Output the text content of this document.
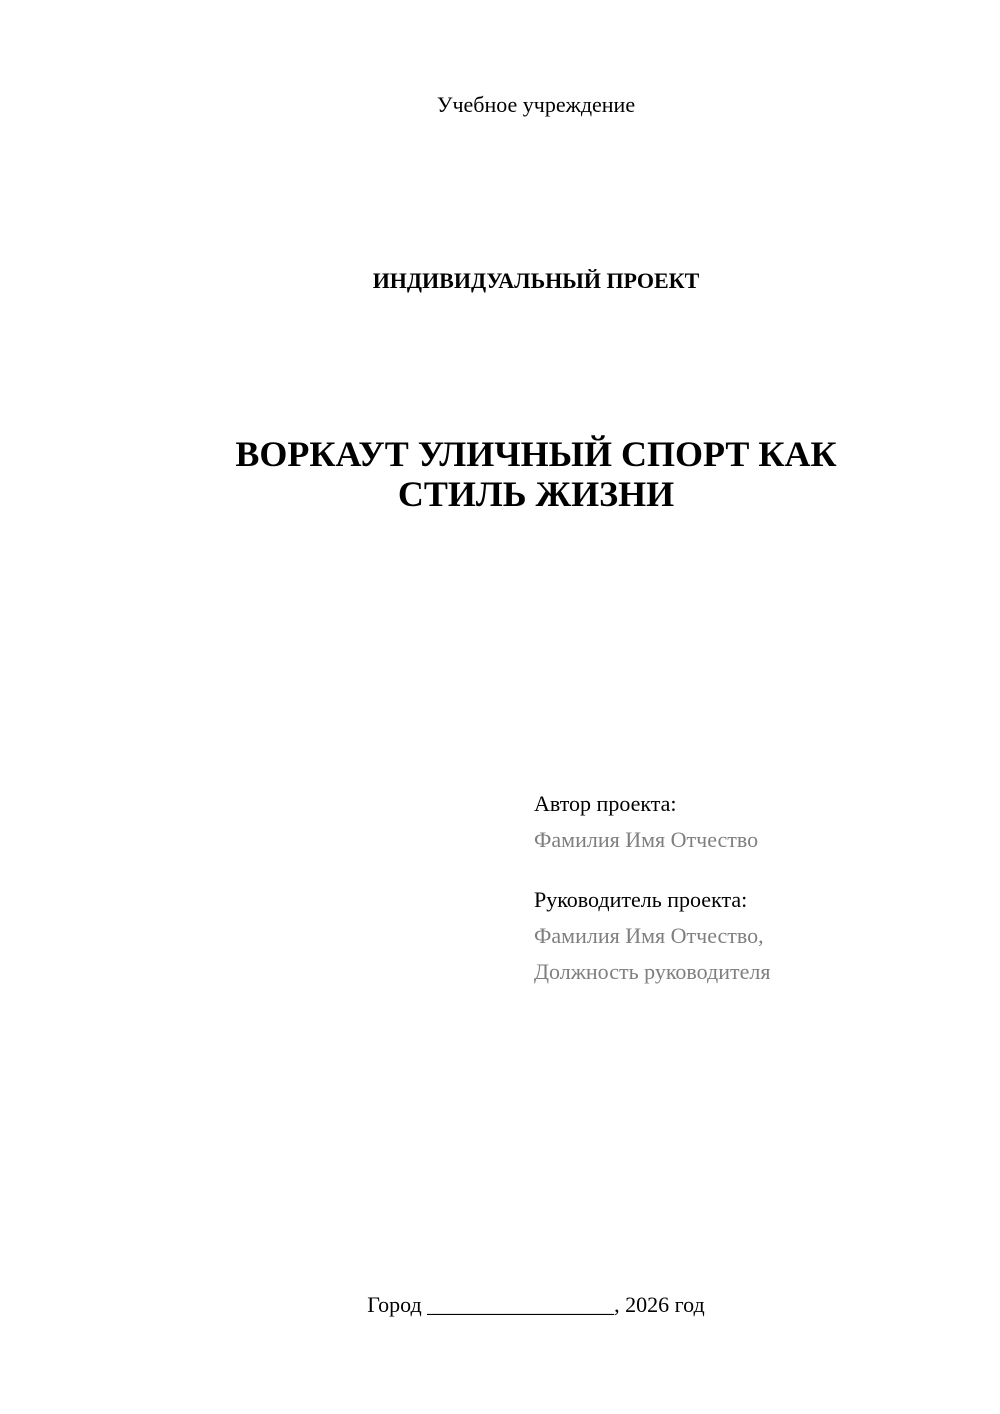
Учебное учреждение
ИНДИВИДУАЛЬНЫЙ ПРОЕКТ
ВОРКАУТ УЛИЧНЫЙ СПОРТ КАК
СТИЛЬ ЖИЗНИ
Автор проекта:
Фамилия Имя Отчество
Руководитель проекта:
Фамилия Имя Отчество,
Должность руководителя
Город _________________, 2026 год
